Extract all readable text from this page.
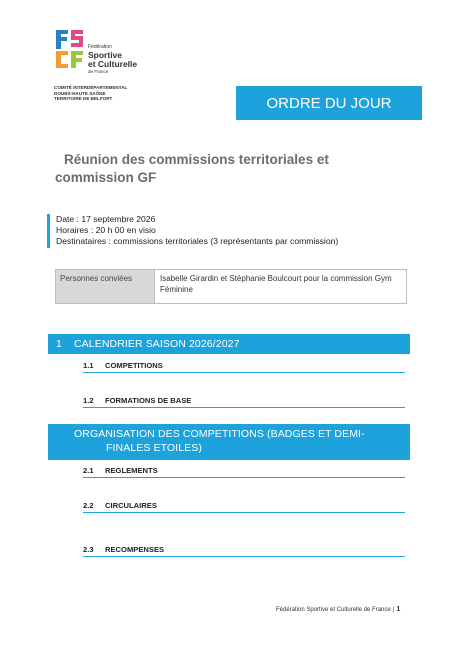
Fédération
Sportive
et Culturelle
de France
COMITÉ INTERDÉPARTEMENTAL
DOUBS-HAUTE SAÔNE
TERRITOIRE DE BELFORT	ORDRE DU JOUR
Réunion des commissions territoriales et
commission GF
Date : 17 septembre 2026
Horaires : 20 h 00 en visio
Destinataires : commissions territoriales (3 représentants par commission)
Personnes conviées	Isabelle Girardin et Stéphanie Boulcourt pour la commission Gym Féminine
1 CALENDRIER SAISON 2026/2027
1.1 COMPETITIONS
1.2 FORMATIONS DE BASE
2	ORGANISATION DES COMPETITIONS (BADGES ET DEMI-FINALES ETOILES)
2.1 REGLEMENTS
2.2 CIRCULAIRES
2.3 RECOMPENSES
Fédération Sportive et Culturelle de France | 1
